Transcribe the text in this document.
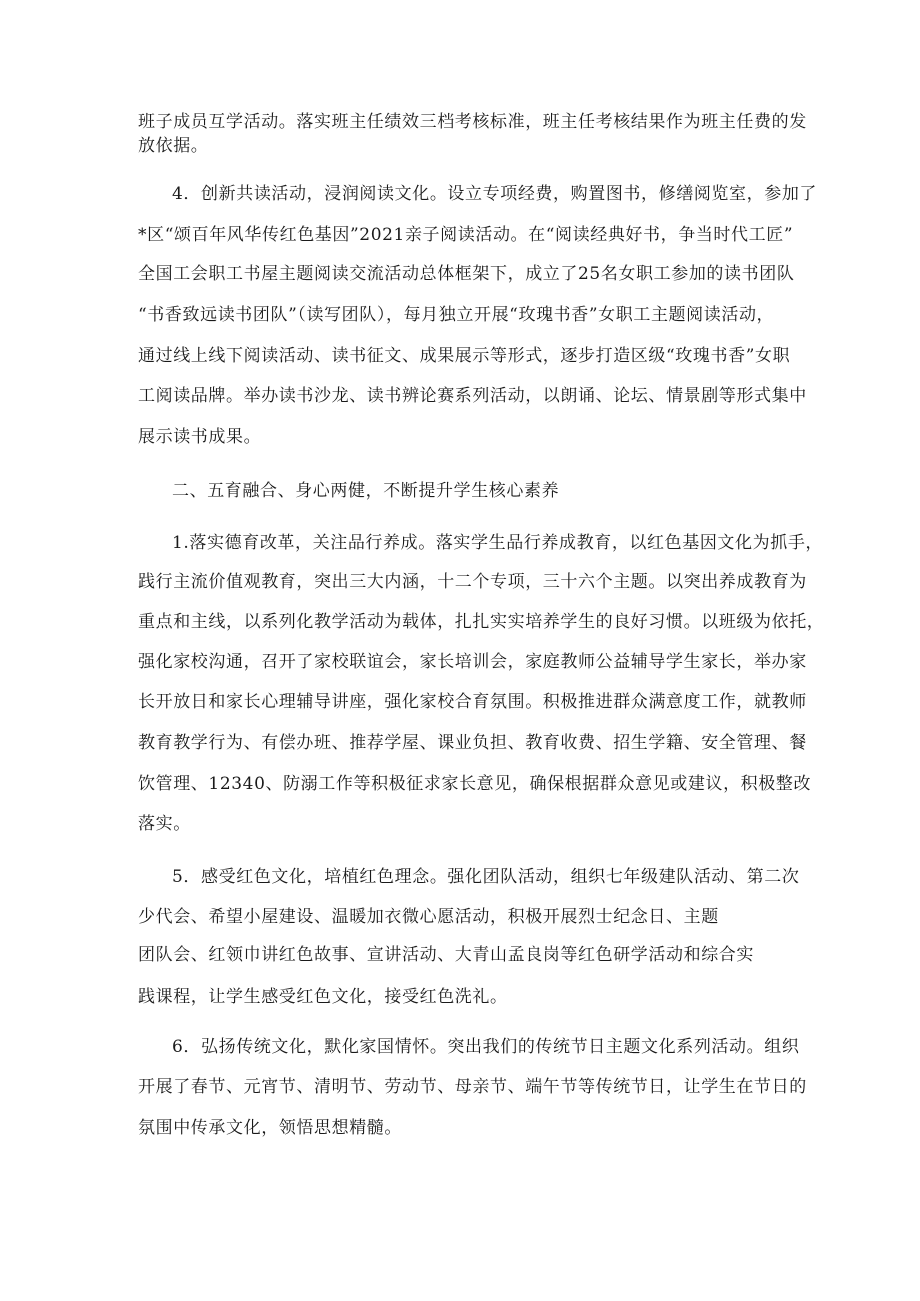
班子成员互学活动。落实班主任绩效三档考核标准，班主任考核结果作为班主任费的发
放依据。
4．创新共读活动，浸润阅读文化。设立专项经费，购置图书，修缮阅览室，参加了
*区“颂百年风华传红色基因”2021亲子阅读活动。在“阅读经典好书，争当时代工匠”
全国工会职工书屋主题阅读交流活动总体框架下，成立了25名女职工参加的读书团队
“书香致远读书团队”（读写团队），每月独立开展“玫瑰书香”女职工主题阅读活动，
通过线上线下阅读活动、读书征文、成果展示等形式，逐步打造区级“玫瑰书香”女职
工阅读品牌。举办读书沙龙、读书辨论赛系列活动，以朗诵、论坛、情景剧等形式集中
展示读书成果。
二、五育融合、身心两健，不断提升学生核心素养
1.落实德育改革，关注品行养成。落实学生品行养成教育，以红色基因文化为抓手，
践行主流价值观教育，突出三大内涵，十二个专项，三十六个主题。以突出养成教育为
重点和主线，以系列化教学活动为载体，扎扎实实培养学生的良好习惯。以班级为依托，
强化家校沟通，召开了家校联谊会，家长培训会，家庭教师公益辅导学生家长，举办家
长开放日和家长心理辅导讲座，强化家校合育氛围。积极推进群众满意度工作，就教师
教育教学行为、有偿办班、推荐学屋、课业负担、教育收费、招生学籍、安全管理、餐
饮管理、12340、防溺工作等积极征求家长意见，确保根据群众意见或建议，积极整改
落实。
5．感受红色文化，培植红色理念。强化团队活动，组织七年级建队活动、第二次
少代会、希望小屋建设、温暖加衣微心愿活动，积极开展烈士纪念日、主题
团队会、红领巾讲红色故事、宣讲活动、大青山孟良岗等红色研学活动和综合实
践课程，让学生感受红色文化，接受红色洗礼。
6．弘扬传统文化，默化家国情怀。突出我们的传统节日主题文化系列活动。组织
开展了春节、元宵节、清明节、劳动节、母亲节、端午节等传统节日，让学生在节日的
氛围中传承文化，领悟思想精髓。
